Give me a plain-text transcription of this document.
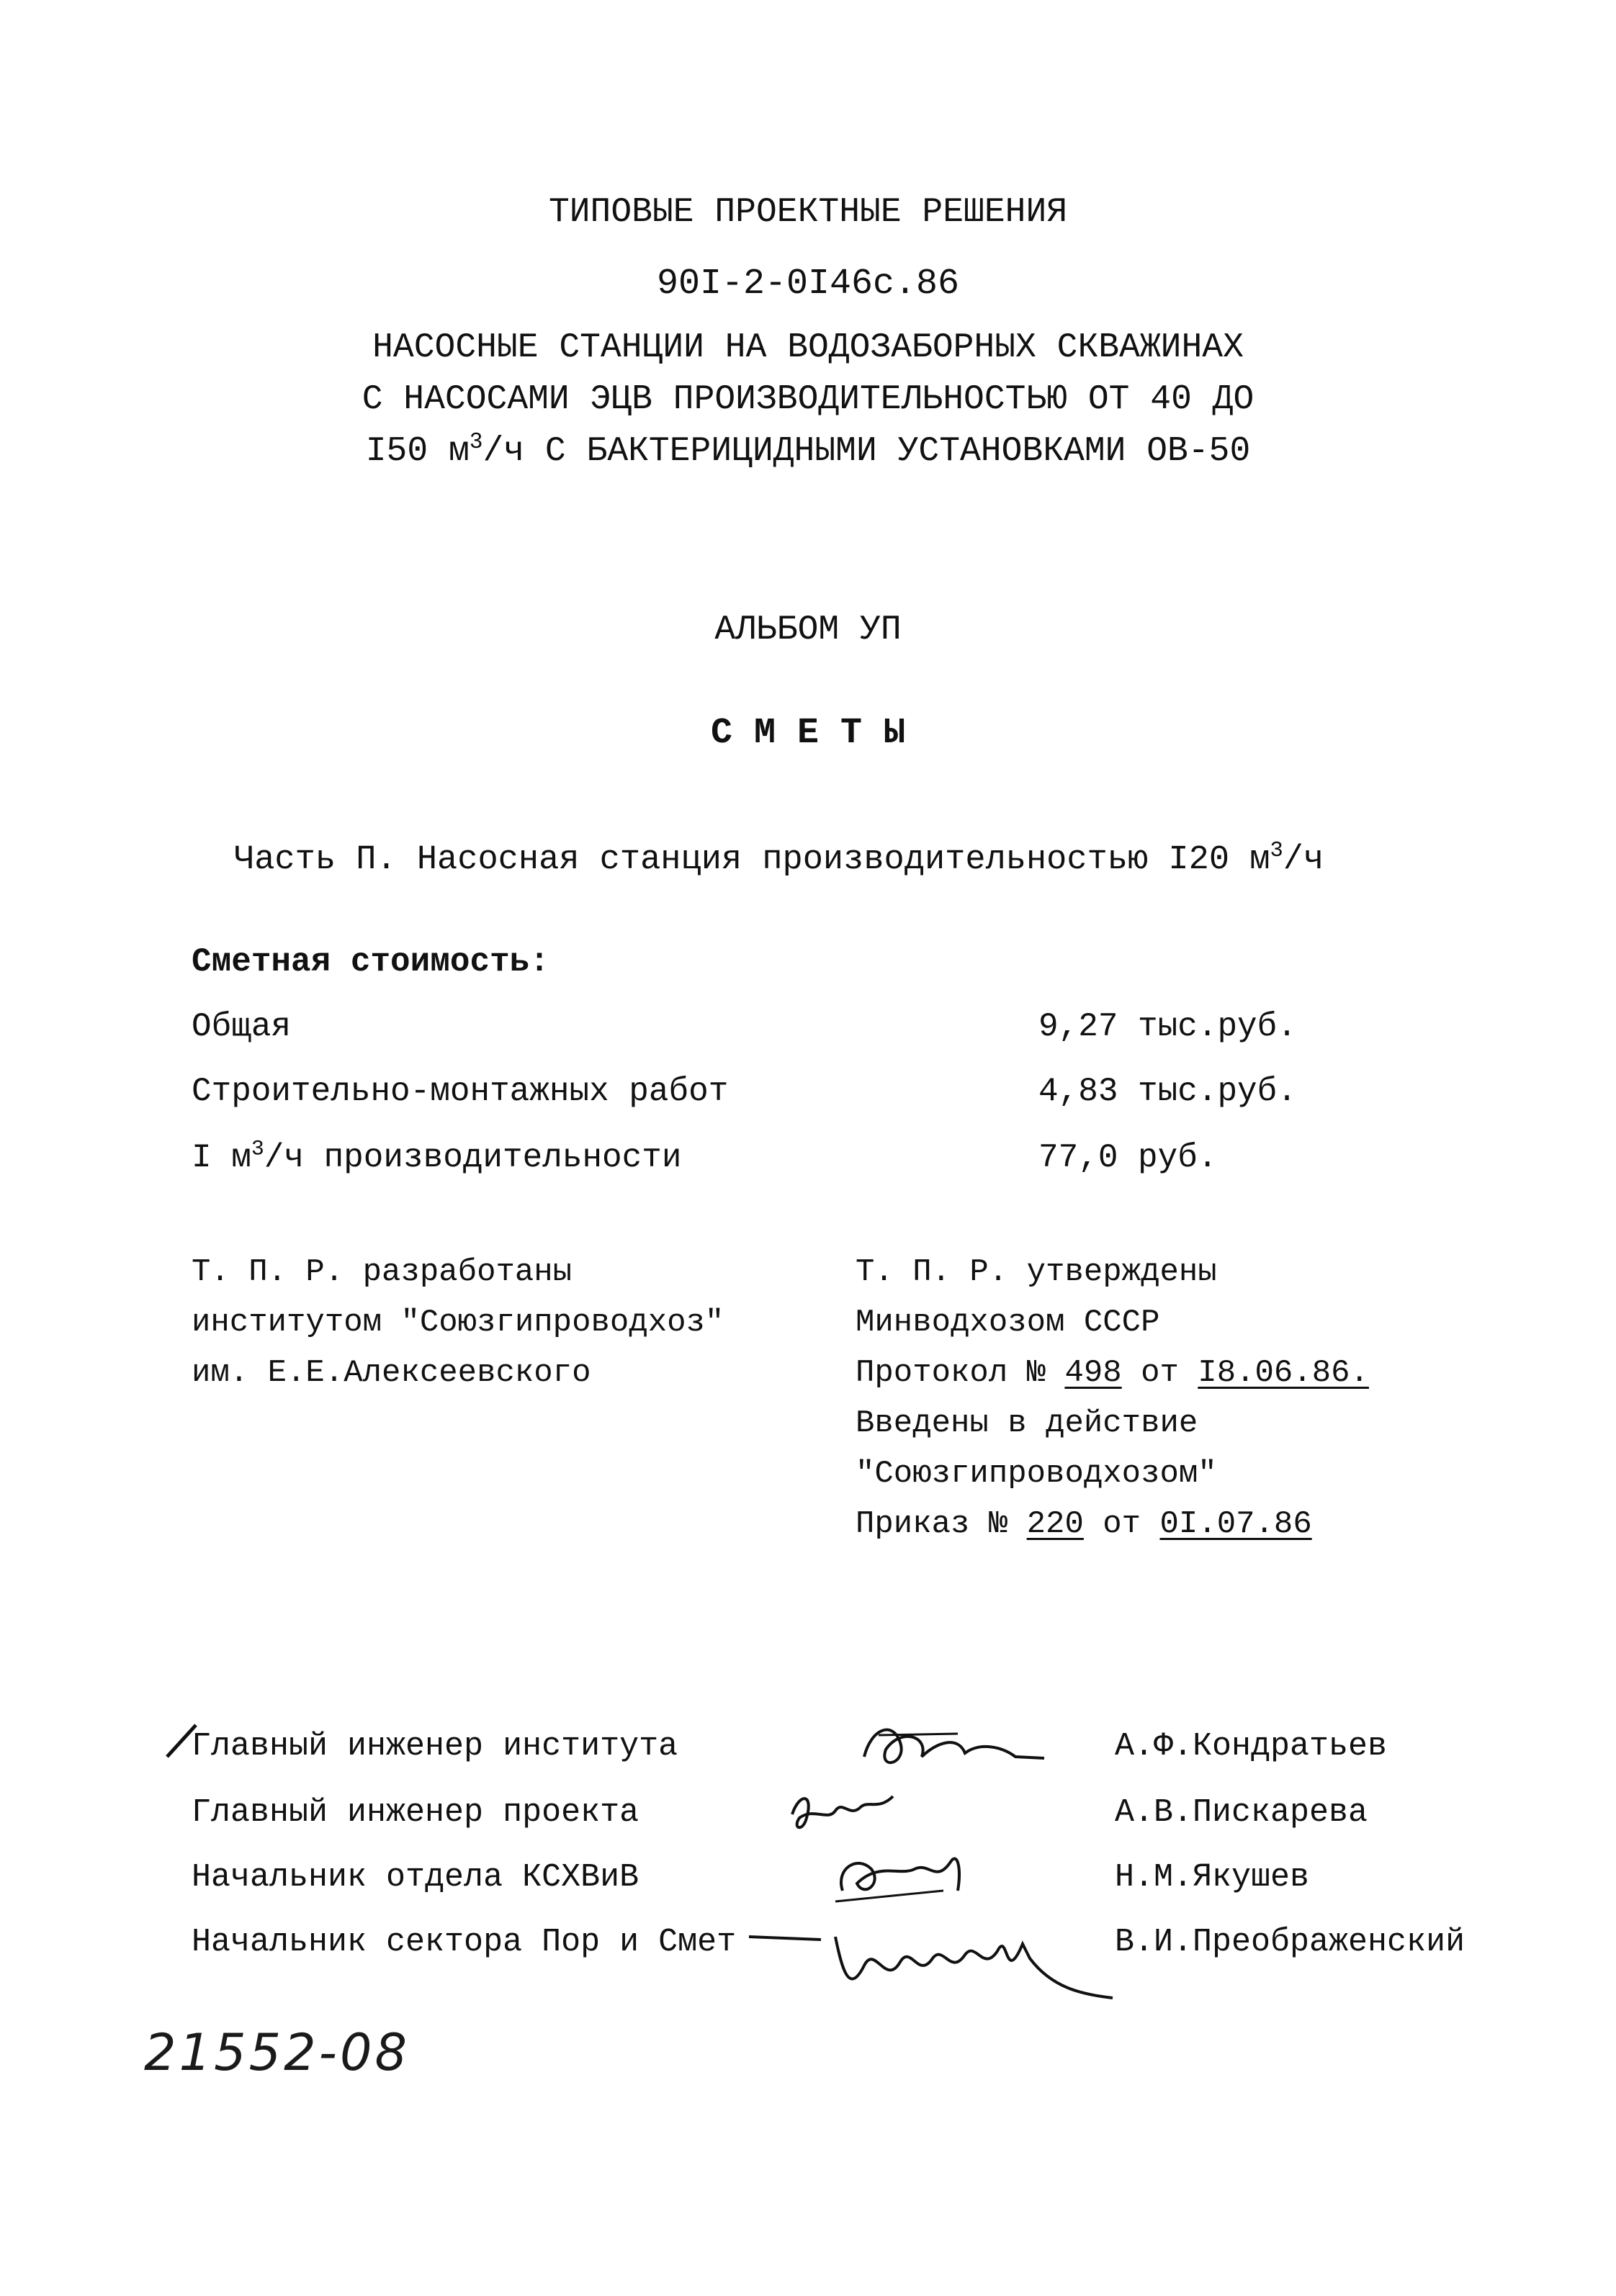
ТИПОВЫЕ ПРОЕКТНЫЕ РЕШЕНИЯ
90I-2-0I46с.86
НАСОСНЫЕ СТАНЦИИ НА ВОДОЗАБОРНЫХ СКВАЖИНАХ
С НАСОСАМИ ЭЦВ ПРОИЗВОДИТЕЛЬНОСТЬЮ ОТ 40 ДО
I50 $м^3/ч$ С БАКТЕРИЦИДНЫМИ УСТАНОВКАМИ ОВ-50
АЛЬБОМ УП
С М Е Т Ы
Часть П. Насосная станция производительностью I20 $м^3/ч$
Сметная стоимость:
Общая	9,27 тыс.руб.
Строительно-монтажных работ	4,83 тыс.руб.
I $м^3/ч$ производительности	77,0 руб.
Т. П. Р. разработаны
институтом "Союзгипроводхоз"
им. Е.Е.Алексеевского
Т. П. Р. утверждены
Минводхозом СССР
Протокол № 498 от I8.06.86.
Введены в действие
"Союзгипроводхозом"
Приказ № 220 от 0I.07.86
Главный инженер института	А.Ф.Кондратьев
Главный инженер проекта	А.В.Пискарева
Начальник отдела КСХВиВ	Н.М.Якушев
Начальник сектора Пор и Смет	В.И.Преображенский
21552-08
